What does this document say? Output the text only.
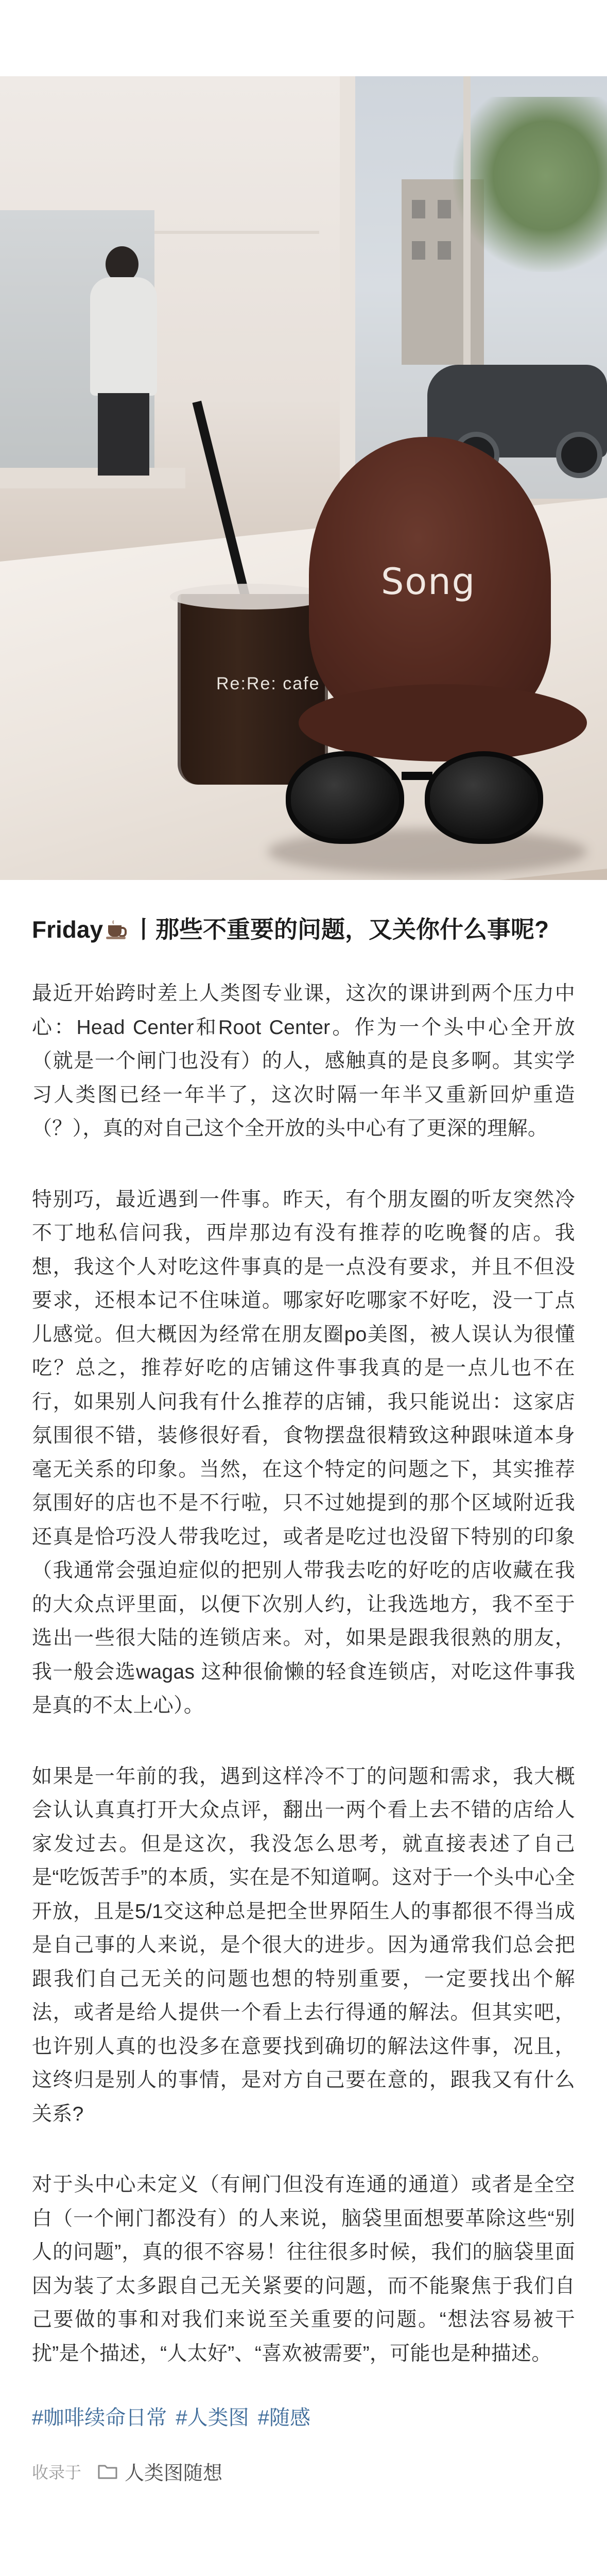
Re:Re: cafe
Song
Friday 丨那些不重要的问题，又关你什么事呢?

最近开始跨时差上人类图专业课，这次的课讲到两个压力中心：Head Center和Root Center。作为一个头中心全开放（就是一个闸门也没有）的人，感触真的是良多啊。其实学习人类图已经一年半了，这次时隔一年半又重新回炉重造（？），真的对自己这个全开放的头中心有了更深的理解。

特别巧，最近遇到一件事。昨天，有个朋友圈的听友突然冷不丁地私信问我，西岸那边有没有推荐的吃晚餐的店。我想，我这个人对吃这件事真的是一点没有要求，并且不但没要求，还根本记不住味道。哪家好吃哪家不好吃，没一丁点儿感觉。但大概因为经常在朋友圈po美图，被人误认为很懂吃？总之，推荐好吃的店铺这件事我真的是一点儿也不在行，如果别人问我有什么推荐的店铺，我只能说出：这家店氛围很不错，装修很好看，食物摆盘很精致这种跟味道本身毫无关系的印象。当然，在这个特定的问题之下，其实推荐氛围好的店也不是不行啦，只不过她提到的那个区域附近我还真是恰巧没人带我吃过，或者是吃过也没留下特别的印象（我通常会强迫症似的把别人带我去吃的好吃的店收藏在我的大众点评里面，以便下次别人约，让我选地方，我不至于选出一些很大陆的连锁店来。对，如果是跟我很熟的朋友，我一般会选wagas 这种很偷懒的轻食连锁店，对吃这件事我是真的不太上心）。

如果是一年前的我，遇到这样冷不丁的问题和需求，我大概会认认真真打开大众点评，翻出一两个看上去不错的店给人家发过去。但是这次，我没怎么思考，就直接表述了自己是“吃饭苦手”的本质，实在是不知道啊。这对于一个头中心全开放，且是5/1交这种总是把全世界陌生人的事都很不得当成是自己事的人来说，是个很大的进步。因为通常我们总会把跟我们自己无关的问题也想的特别重要，一定要找出个解法，或者是给人提供一个看上去行得通的解法。但其实吧，也许别人真的也没多在意要找到确切的解法这件事，况且，这终归是别人的事情，是对方自己要在意的，跟我又有什么关系?

对于头中心未定义（有闸门但没有连通的通道）或者是全空白（一个闸门都没有）的人来说，脑袋里面想要革除这些“别人的问题”，真的很不容易！往往很多时候，我们的脑袋里面因为装了太多跟自己无关紧要的问题，而不能聚焦于我们自己要做的事和对我们来说至关重要的问题。“想法容易被干扰”是个描述，“人太好”、“喜欢被需要”，可能也是种描述。

#咖啡续命日常 #人类图 #随感
收录于 人类图随想
